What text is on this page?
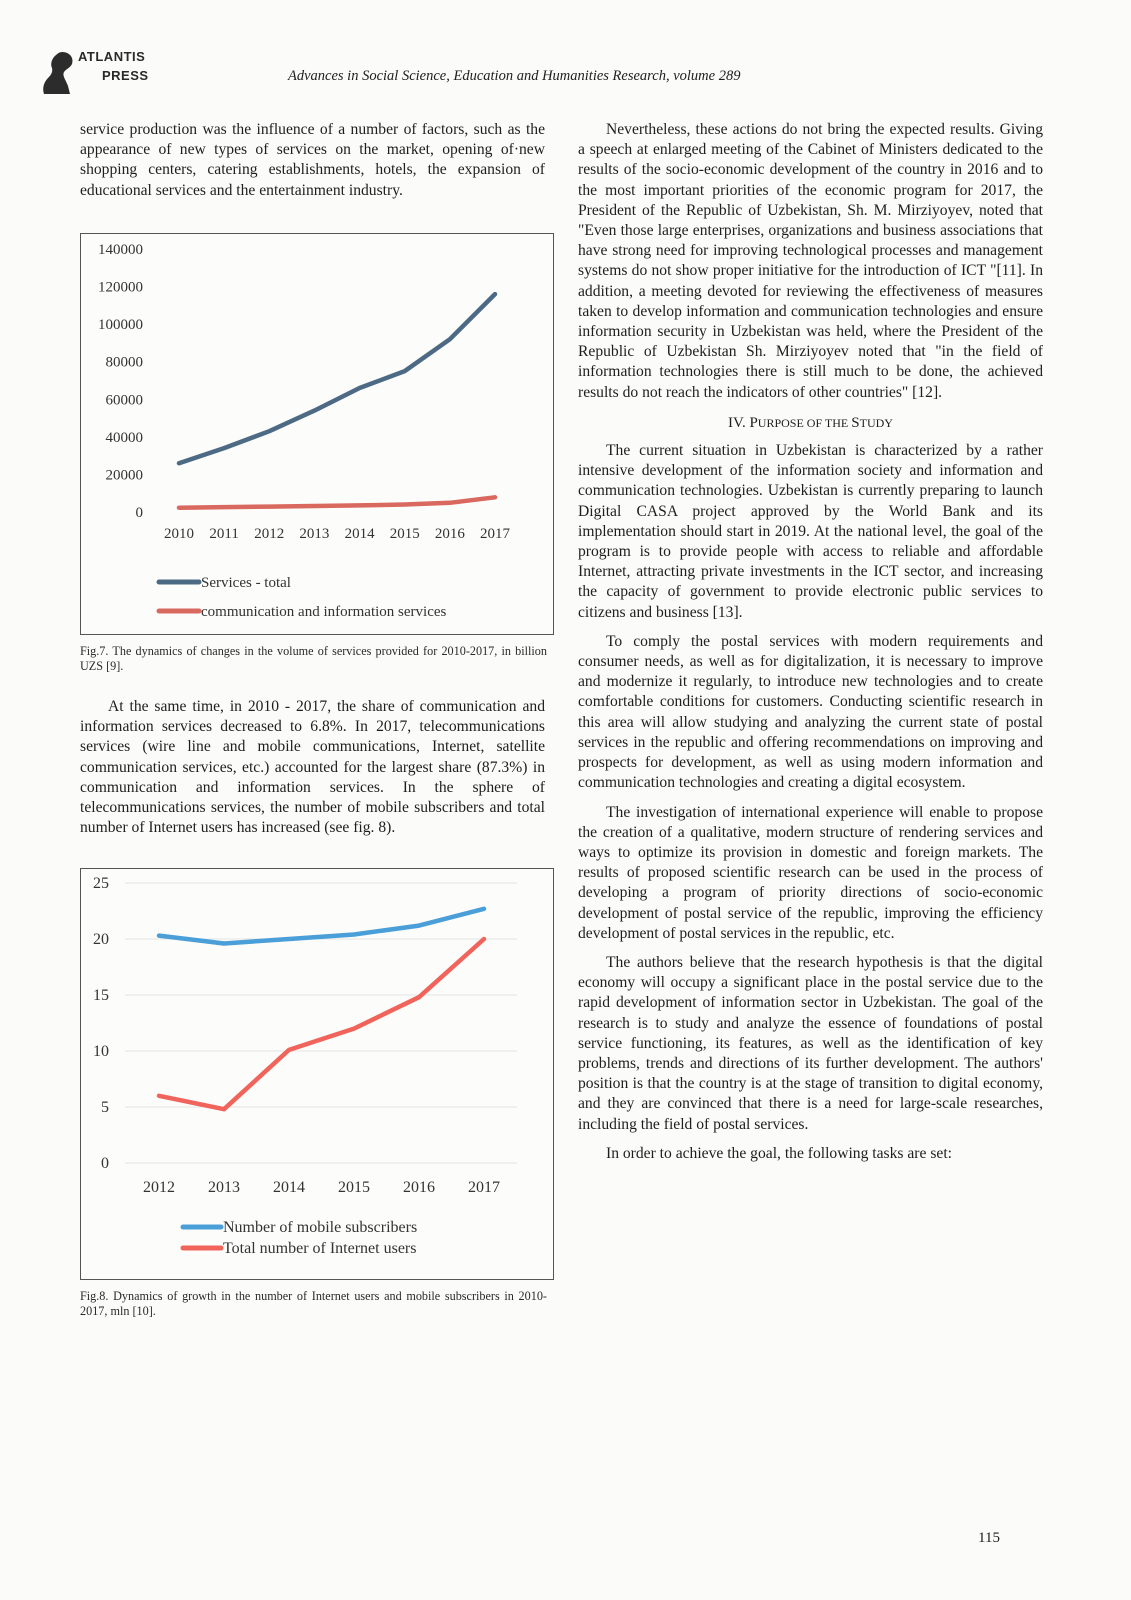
ATLANTIS
PRESS	Advances in Social Science, Education and Humanities Research, volume 289

service production was the influence of a number of factors, such as the appearance of new types of services on the market, opening of·new shopping centers, catering establishments, hotels, the expansion of educational services and the entertainment industry.

0
20000
40000
60000
80000
100000
120000
140000
2010 2011 2012 2013 2014 2015 2016 2017
Services - total
communication and information services
Fig.7. The dynamics of changes in the volume of services provided for 2010-2017, in billion UZS [9].

At the same time, in 2010 - 2017, the share of communication and information services decreased to 6.8%. In 2017, telecommunications services (wire line and mobile communications, Internet, satellite communication services, etc.) accounted for the largest share (87.3%) in communication and information services. In the sphere of telecommunications services, the number of mobile subscribers and total number of Internet users has increased (see fig. 8).

0
5
10
15
20
25
2012 2013 2014 2015 2016 2017
Number of mobile subscribers
Total number of Internet users
Fig.8. Dynamics of growth in the number of Internet users and mobile subscribers in 2010-2017, mln [10].

Nevertheless, these actions do not bring the expected results. Giving a speech at enlarged meeting of the Cabinet of Ministers dedicated to the results of the socio-economic development of the country in 2016 and to the most important priorities of the economic program for 2017, the President of the Republic of Uzbekistan, Sh. M. Mirziyoyev, noted that "Even those large enterprises, organizations and business associations that have strong need for improving technological processes and management systems do not show proper initiative for the introduction of ICT "[11]. In addition, a meeting devoted for reviewing the effectiveness of measures taken to develop information and communication technologies and ensure information security in Uzbekistan was held, where the President of the Republic of Uzbekistan Sh. Mirziyoyev noted that "in the field of information technologies there is still much to be done, the achieved results do not reach the indicators of other countries" [12].

IV. PURPOSE OF THE STUDY

The current situation in Uzbekistan is characterized by a rather intensive development of the information society and information and communication technologies. Uzbekistan is currently preparing to launch Digital CASA project approved by the World Bank and its implementation should start in 2019. At the national level, the goal of the program is to provide people with access to reliable and affordable Internet, attracting private investments in the ICT sector, and increasing the capacity of government to provide electronic public services to citizens and business [13].

To comply the postal services with modern requirements and consumer needs, as well as for digitalization, it is necessary to improve and modernize it regularly, to introduce new technologies and to create comfortable conditions for customers. Conducting scientific research in this area will allow studying and analyzing the current state of postal services in the republic and offering recommendations on improving and prospects for development, as well as using modern information and communication technologies and creating a digital ecosystem.

The investigation of international experience will enable to propose the creation of a qualitative, modern structure of rendering services and ways to optimize its provision in domestic and foreign markets. The results of proposed scientific research can be used in the process of developing a program of priority directions of socio-economic development of postal service of the republic, improving the efficiency development of postal services in the republic, etc.

The authors believe that the research hypothesis is that the digital economy will occupy a significant place in the postal service due to the rapid development of information sector in Uzbekistan. The goal of the research is to study and analyze the essence of foundations of postal service functioning, its features, as well as the identification of key problems, trends and directions of its further development. The authors' position is that the country is at the stage of transition to digital economy, and they are convinced that there is a need for large-scale researches, including the field of postal services.

In order to achieve the goal, the following tasks are set:

115
